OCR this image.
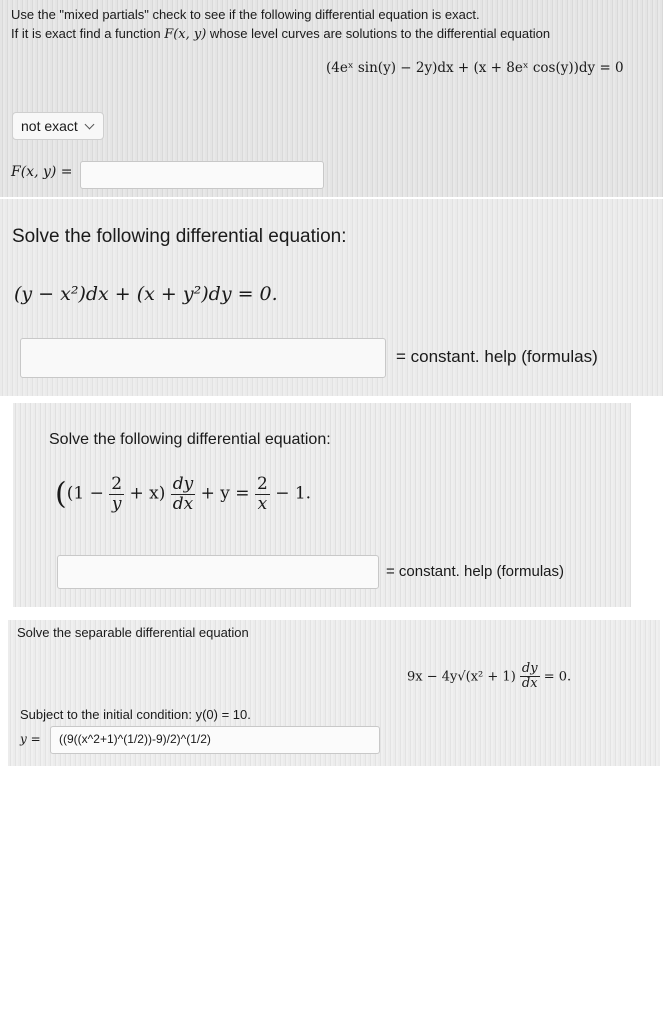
Use the "mixed partials" check to see if the following differential equation is exact.
If it is exact find a function F(x, y) whose level curves are solutions to the differential equation
(4eˣ sin(y) − 2y)dx + (x + 8eˣ cos(y))dy = 0
not exact
F(x, y) =
Solve the following differential equation:
(y − x²)dx + (x + y²)dy = 0.
= constant. help (formulas)
Solve the following differential equation:
($(1 - \frac{2}{y} + x) \frac{dy}{dx} + y = \frac{2}{x} - 1$.
= constant. help (formulas)
Solve the separable differential equation
$9x - 4y√(x^2 + 1) \frac{dy}{dx} = 0$.
Subject to the initial condition: y(0) = 10.
y =	((9((x^2+1)^(1/2))-9)/2)^(1/2)
